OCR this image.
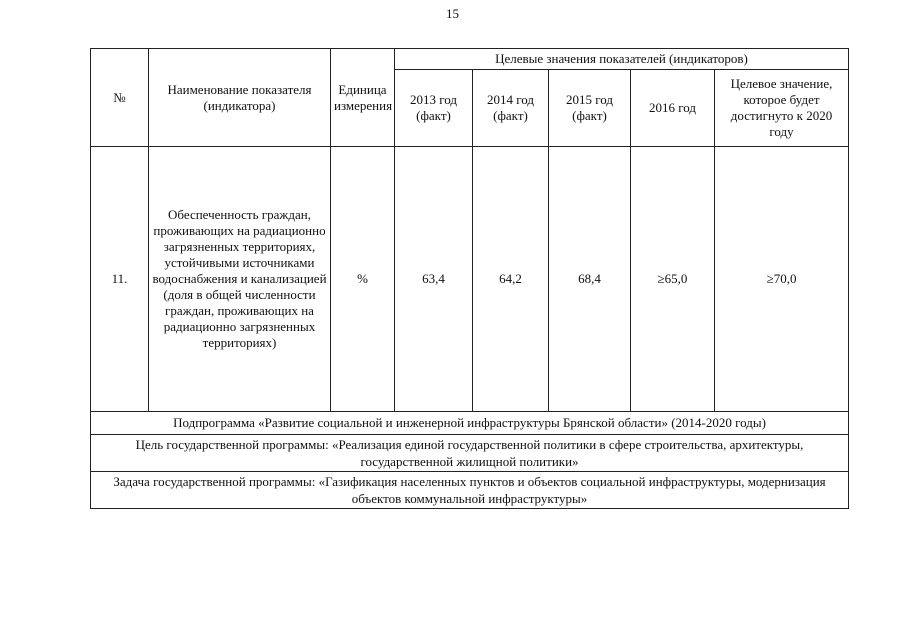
15
№	Наименование показателя (индикатора)	Единица измерения	Целевые значения показателей (индикаторов)				
			2013 год (факт)	2014 год (факт)	2015 год (факт)	2016 год	Целевое значение, которое будет достигнуто к 2020 году
11.	Обеспеченность граждан, проживающих на радиационно загрязненных территориях, устойчивыми источниками водоснабжения и канализацией (доля в общей численности граждан, проживающих на радиационно загрязненных территориях)	%	63,4	64,2	68,4	≥65,0	≥70,0
Подпрограмма «Развитие социальной и инженерной инфраструктуры Брянской области» (2014-2020 годы)							
Цель государственной программы: «Реализация единой государственной политики в сфере строительства, архитектуры, государственной жилищной политики»							
Задача государственной программы: «Газификация населенных пунктов и объектов социальной инфраструктуры, модернизация объектов коммунальной инфраструктуры»							
